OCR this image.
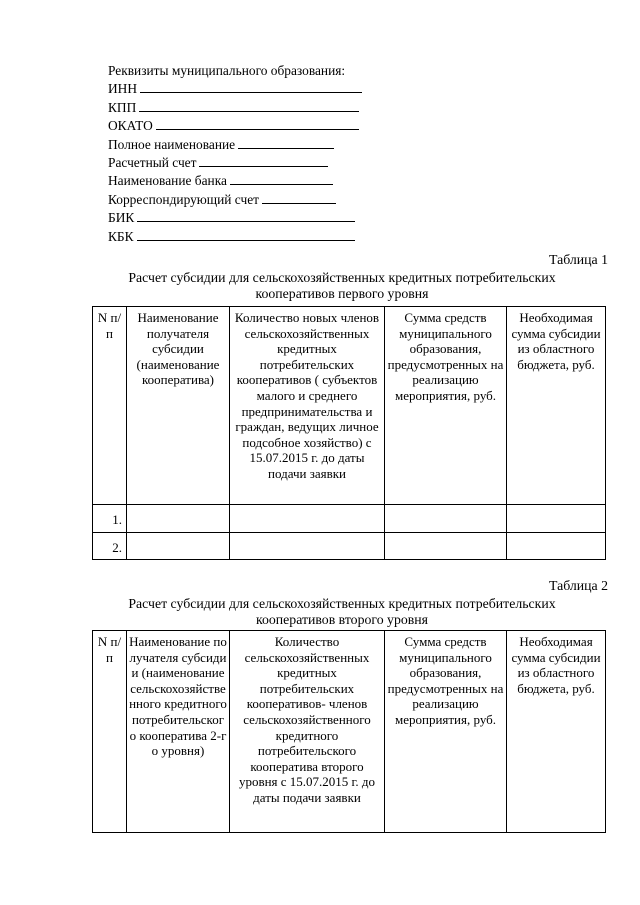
Реквизиты муниципального образования:
ИНН
КПП
ОКАТО
Полное наименование
Расчетный счет
Наименование банка
Корреспондирующий счет
БИК
КБК
Таблица 1
Расчет субсидии для сельскохозяйственных кредитных потребительских
кооперативов первого уровня
N п/п	Наименование получателя субсидии (наименование кооператива)	Количество новых членов сельскохозяйственных кредитных потребительских кооперативов ( субъектов малого и среднего предпринимательства и граждан, ведущих личное подсобное хозяйство) с 15.07.2015 г. до даты подачи заявки	Сумма средств муниципального образования, предусмотренных на реализацию мероприятия, руб.	Необходимая сумма субсидии из областного бюджета, руб.
1.				
2.				
Таблица 2
Расчет субсидии для сельскохозяйственных кредитных потребительских
кооперативов второго уровня
N п/п	Наименование получателя субсидии (наименование сельскохозяйственного кредитного потребительского кооператива 2-го уровня)	Количество сельскохозяйственных кредитных потребительских кооперативов- членов сельскохозяйственного кредитного потребительского кооператива второго уровня с 15.07.2015 г. до даты подачи заявки	Сумма средств муниципального образования, предусмотренных на реализацию мероприятия, руб.	Необходимая сумма субсидии из областного бюджета, руб.
